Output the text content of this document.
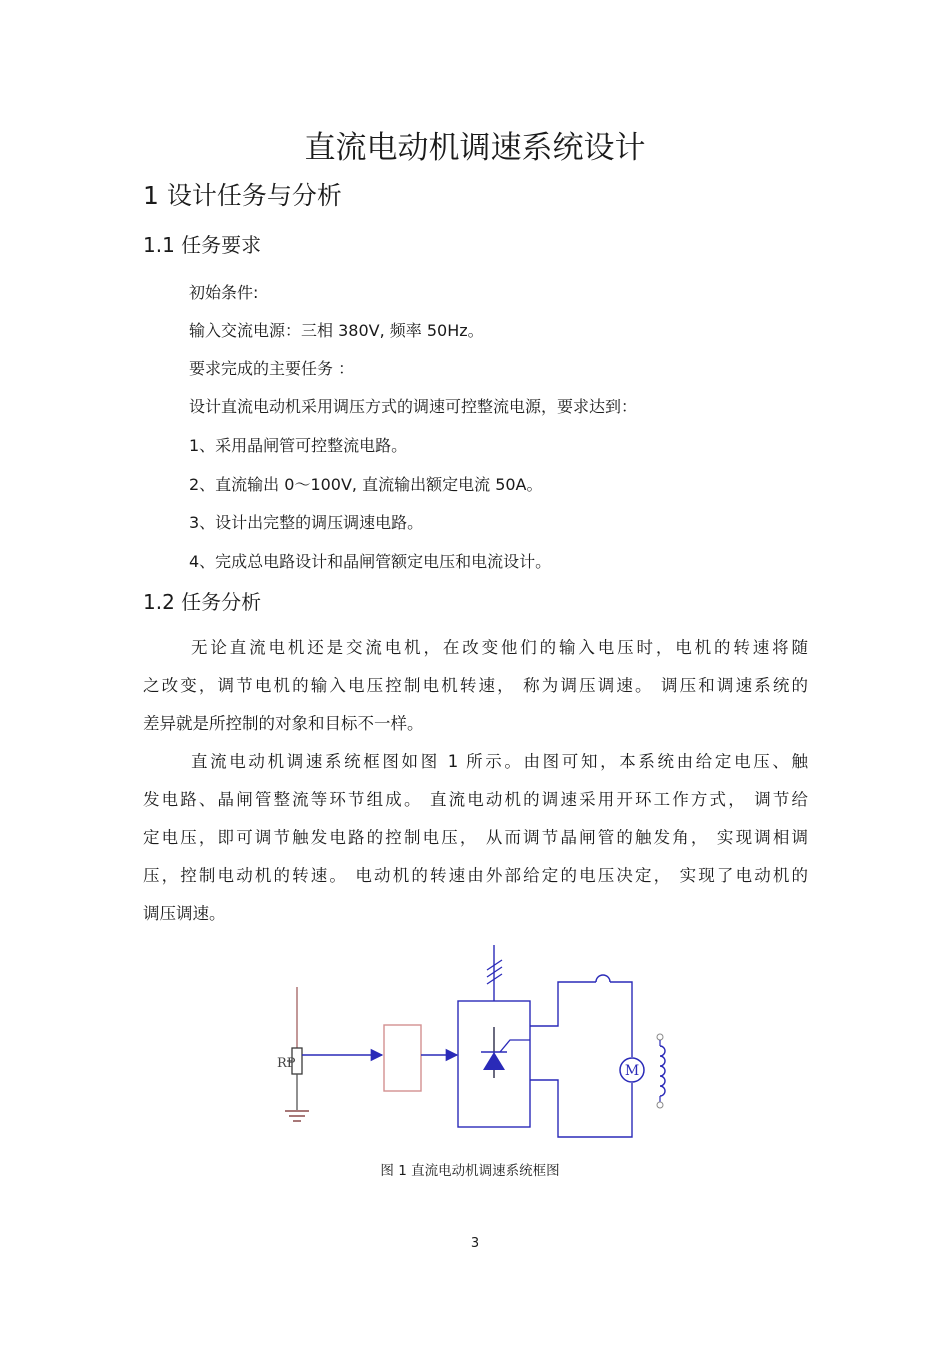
直流电动机调速系统设计
1 设计任务与分析
1.1 任务要求
初始条件:
输入交流电源：三相 380V, 频率 50Hz。
要求完成的主要任务 ：
设计直流电动机采用调压方式的调速可控整流电源，要求达到：
1、采用晶闸管可控整流电路。
2、直流输出 0～100V, 直流输出额定电流 50A。
3、设计出完整的调压调速电路。
4、完成总电路设计和晶闸管额定电压和电流设计。
1.2 任务分析
无论直流电机还是交流电机，在改变他们的输入电压时，电机的转速将随
之改变，调节电机的输入电压控制电机转速， 称为调压调速。 调压和调速系统的
差异就是所控制的对象和目标不一样。
直流电动机调速系统框图如图 1 所示。由图可知，本系统由给定电压、触
发电路、晶闸管整流等环节组成。 直流电动机的调速采用开环工作方式， 调节给
定电压，即可调节触发电路的控制电压， 从而调节晶闸管的触发角， 实现调相调
压，控制电动机的转速。 电动机的转速由外部给定的电压决定， 实现了电动机的
调压调速。
RP	M
图 1 直流电动机调速系统框图
3
